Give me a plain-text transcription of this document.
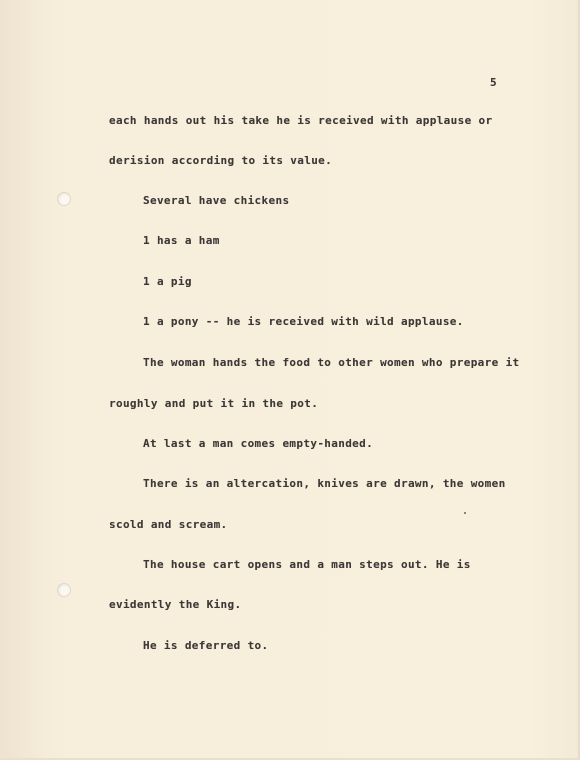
5

each hands out his take he is received with applause or

derision according to its value.

Several have chickens

1 has a ham

1 a pig

1 a pony -- he is received with wild applause.

The woman hands the food to other women who prepare it

roughly and put it in the pot.

At last a man comes empty-handed.

There is an altercation, knives are drawn, the women

scold and scream.

The house cart opens and a man steps out. He is

evidently the King.

He is deferred to.
